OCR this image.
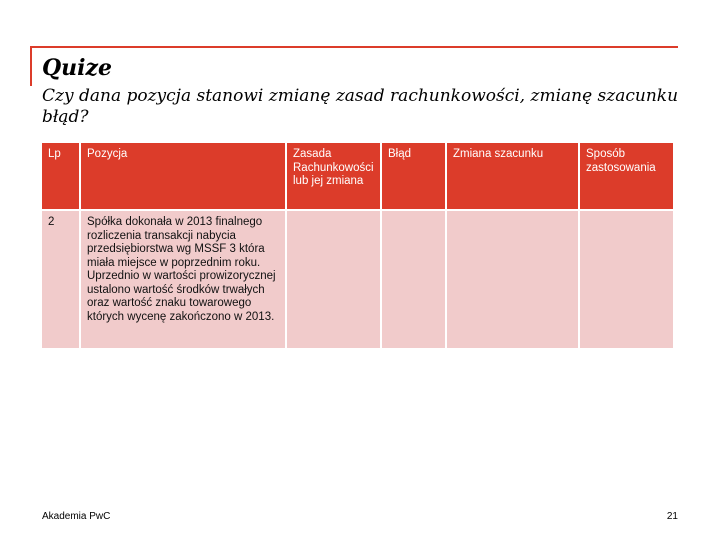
Quize
Czy dana pozycja stanowi zmianę zasad rachunkowości, zmianę szacunku
błąd?
Lp	Pozycja	Zasada Rachunkowości lub jej zmiana	Błąd	Zmiana szacunku	Sposób zastosowania
2	Spółka dokonała w 2013 finalnego rozliczenia transakcji nabycia przedsiębiorstwa wg MSSF 3 która miała miejsce w poprzednim roku. Uprzednio w wartości prowizorycznej ustalono wartość środków trwałych oraz wartość znaku towarowego których wycenę zakończono w 2013.				
Akademia PwC	21
